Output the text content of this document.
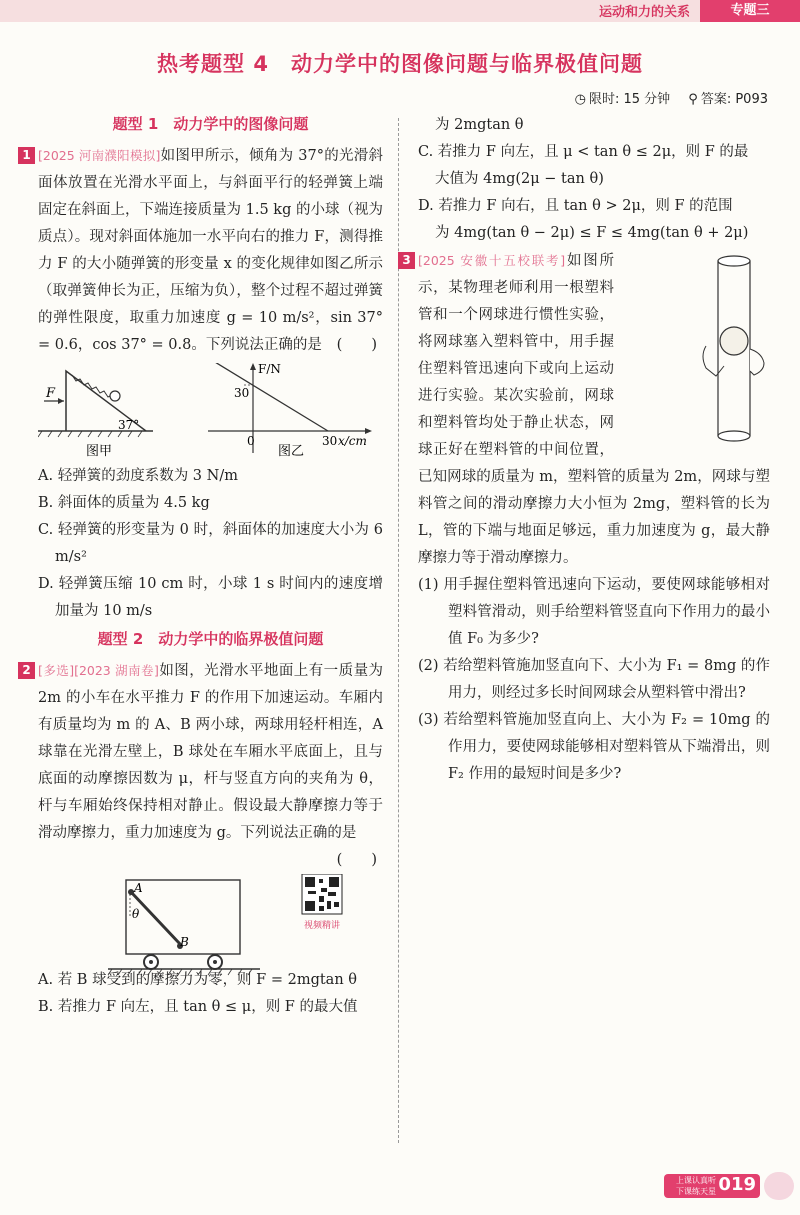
运动和力的关系	专题三
热考题型 4　动力学中的图像问题与临界极值问题
◷ 限时: 15 分钟 ⚲ 答案: P093
题型 1　动力学中的图像问题

1 [2025 河南濮阳模拟]如图甲所示，倾角为 37°的光滑斜面体放置在光滑水平面上，与斜面平行的轻弹簧上端固定在斜面上，下端连接质量为 1.5 kg 的小球（视为质点）。现对斜面体施加一水平向右的推力 F，测得推力 F 的大小随弹簧的形变量 x 的变化规律如图乙所示（取弹簧伸长为正，压缩为负），整个过程不超过弹簧的弹性限度，取重力加速度 g = 10 m/s²，sin 37° = 0.6，cos 37° = 0.8。下列说法正确的是 (　　)

F
37°
图甲
F/N
30
0	30 x/cm
图乙

A. 轻弹簧的劲度系数为 3 N/m

B. 斜面体的质量为 4.5 kg

C. 轻弹簧的形变量为 0 时，斜面体的加速度大小为 6 m/s²

D. 轻弹簧压缩 10 cm 时，小球 1 s 时间内的速度增加量为 10 m/s

题型 2　动力学中的临界极值问题

2 [多选][2023 湖南卷]如图，光滑水平地面上有一质量为 2m 的小车在水平推力 F 的作用下加速运动。车厢内有质量均为 m 的 A、B 两小球，两球用轻杆相连，A 球靠在光滑左壁上，B 球处在车厢水平底面上，且与底面的动摩擦因数为 μ，杆与竖直方向的夹角为 θ，杆与车厢始终保持相对静止。假设最大静摩擦力等于滑动摩擦力，重力加速度为 g。下列说法正确的是
(　　)

A
θ
B
视频精讲

A. 若 B 球受到的摩擦力为零，则 F = 2mgtan θ

B. 若推力 F 向左，且 tan θ ≤ μ，则 F 的最大值

为 2mgtan θ

C. 若推力 F 向左，且 μ < tan θ ≤ 2μ，则 F 的最

大值为 4mg(2μ − tan θ)

D. 若推力 F 向右，且 tan θ > 2μ，则 F 的范围

为 4mg(tan θ − 2μ) ≤ F ≤ 4mg(tan θ + 2μ)

3 [2025 安徽十五校联考]如图所示，某物理老师利用一根塑料管和一个网球进行惯性实验，将网球塞入塑料管中，用手握住塑料管迅速向下或向上运动进行实验。某次实验前，网球和塑料管均处于静止状态，网球正好在塑料管的中间位置，已知网球的质量为 m，塑料管的质量为 2m，网球与塑料管之间的滑动摩擦力大小恒为 2mg，塑料管的长为 L，管的下端与地面足够远，重力加速度为 g，最大静摩擦力等于滑动摩擦力。

(1) 用手握住塑料管迅速向下运动，要使网球能够相对塑料管滑动，则手给塑料管竖直向下作用力的最小值 F₀ 为多少?

(2) 若给塑料管施加竖直向下、大小为 F₁ = 8mg 的作用力，则经过多长时间网球会从塑料管中滑出?

(3) 若给塑料管施加竖直向上、大小为 F₂ = 10mg 的作用力，要使网球能够相对塑料管从下端滑出，则 F₂ 作用的最短时间是多少?

上课认真听
下课练天星 019
